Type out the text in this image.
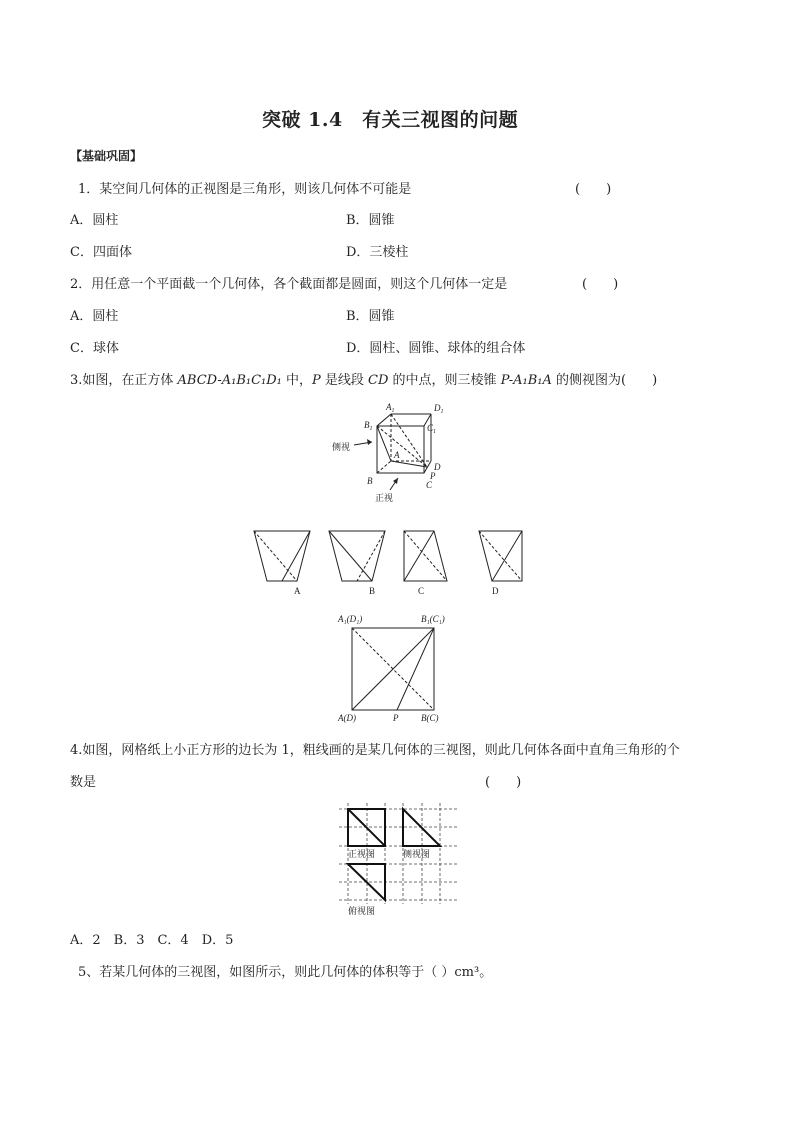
突破 1.4　有关三视图的问题
【基础巩固】
1．某空间几何体的正视图是三角形，则该几何体不可能是	(　　)
A．圆柱	B．圆锥
C．四面体	D．三棱柱
2．用任意一个平面截一个几何体，各个截面都是圆面，则这个几何体一定是	(　　)
A．圆柱	B．圆锥
C．球体	D．圆柱、圆锥、球体的组合体
3.如图，在正方体 ABCD-A₁B₁C₁D₁ 中，P 是线段 CD 的中点，则三棱锥 P-A₁B₁A 的侧视图为(　　)
$A_1$	$D_1$
$B_1$	$C_1$
A
D
B	C
P
侧视
正视
A	B	C	D
A₁(D₁)	B₁(C₁)
A(D)	P	B(C)
4.如图，网格纸上小正方形的边长为 1，粗线画的是某几何体的三视图，则此几何体各面中直角三角形的个
数是	(　　)
正视图	侧视图
俯视图
A．2　B．3　C．4　D．5
5、若某几何体的三视图，如图所示，则此几何体的体积等于（ ）cm³。
